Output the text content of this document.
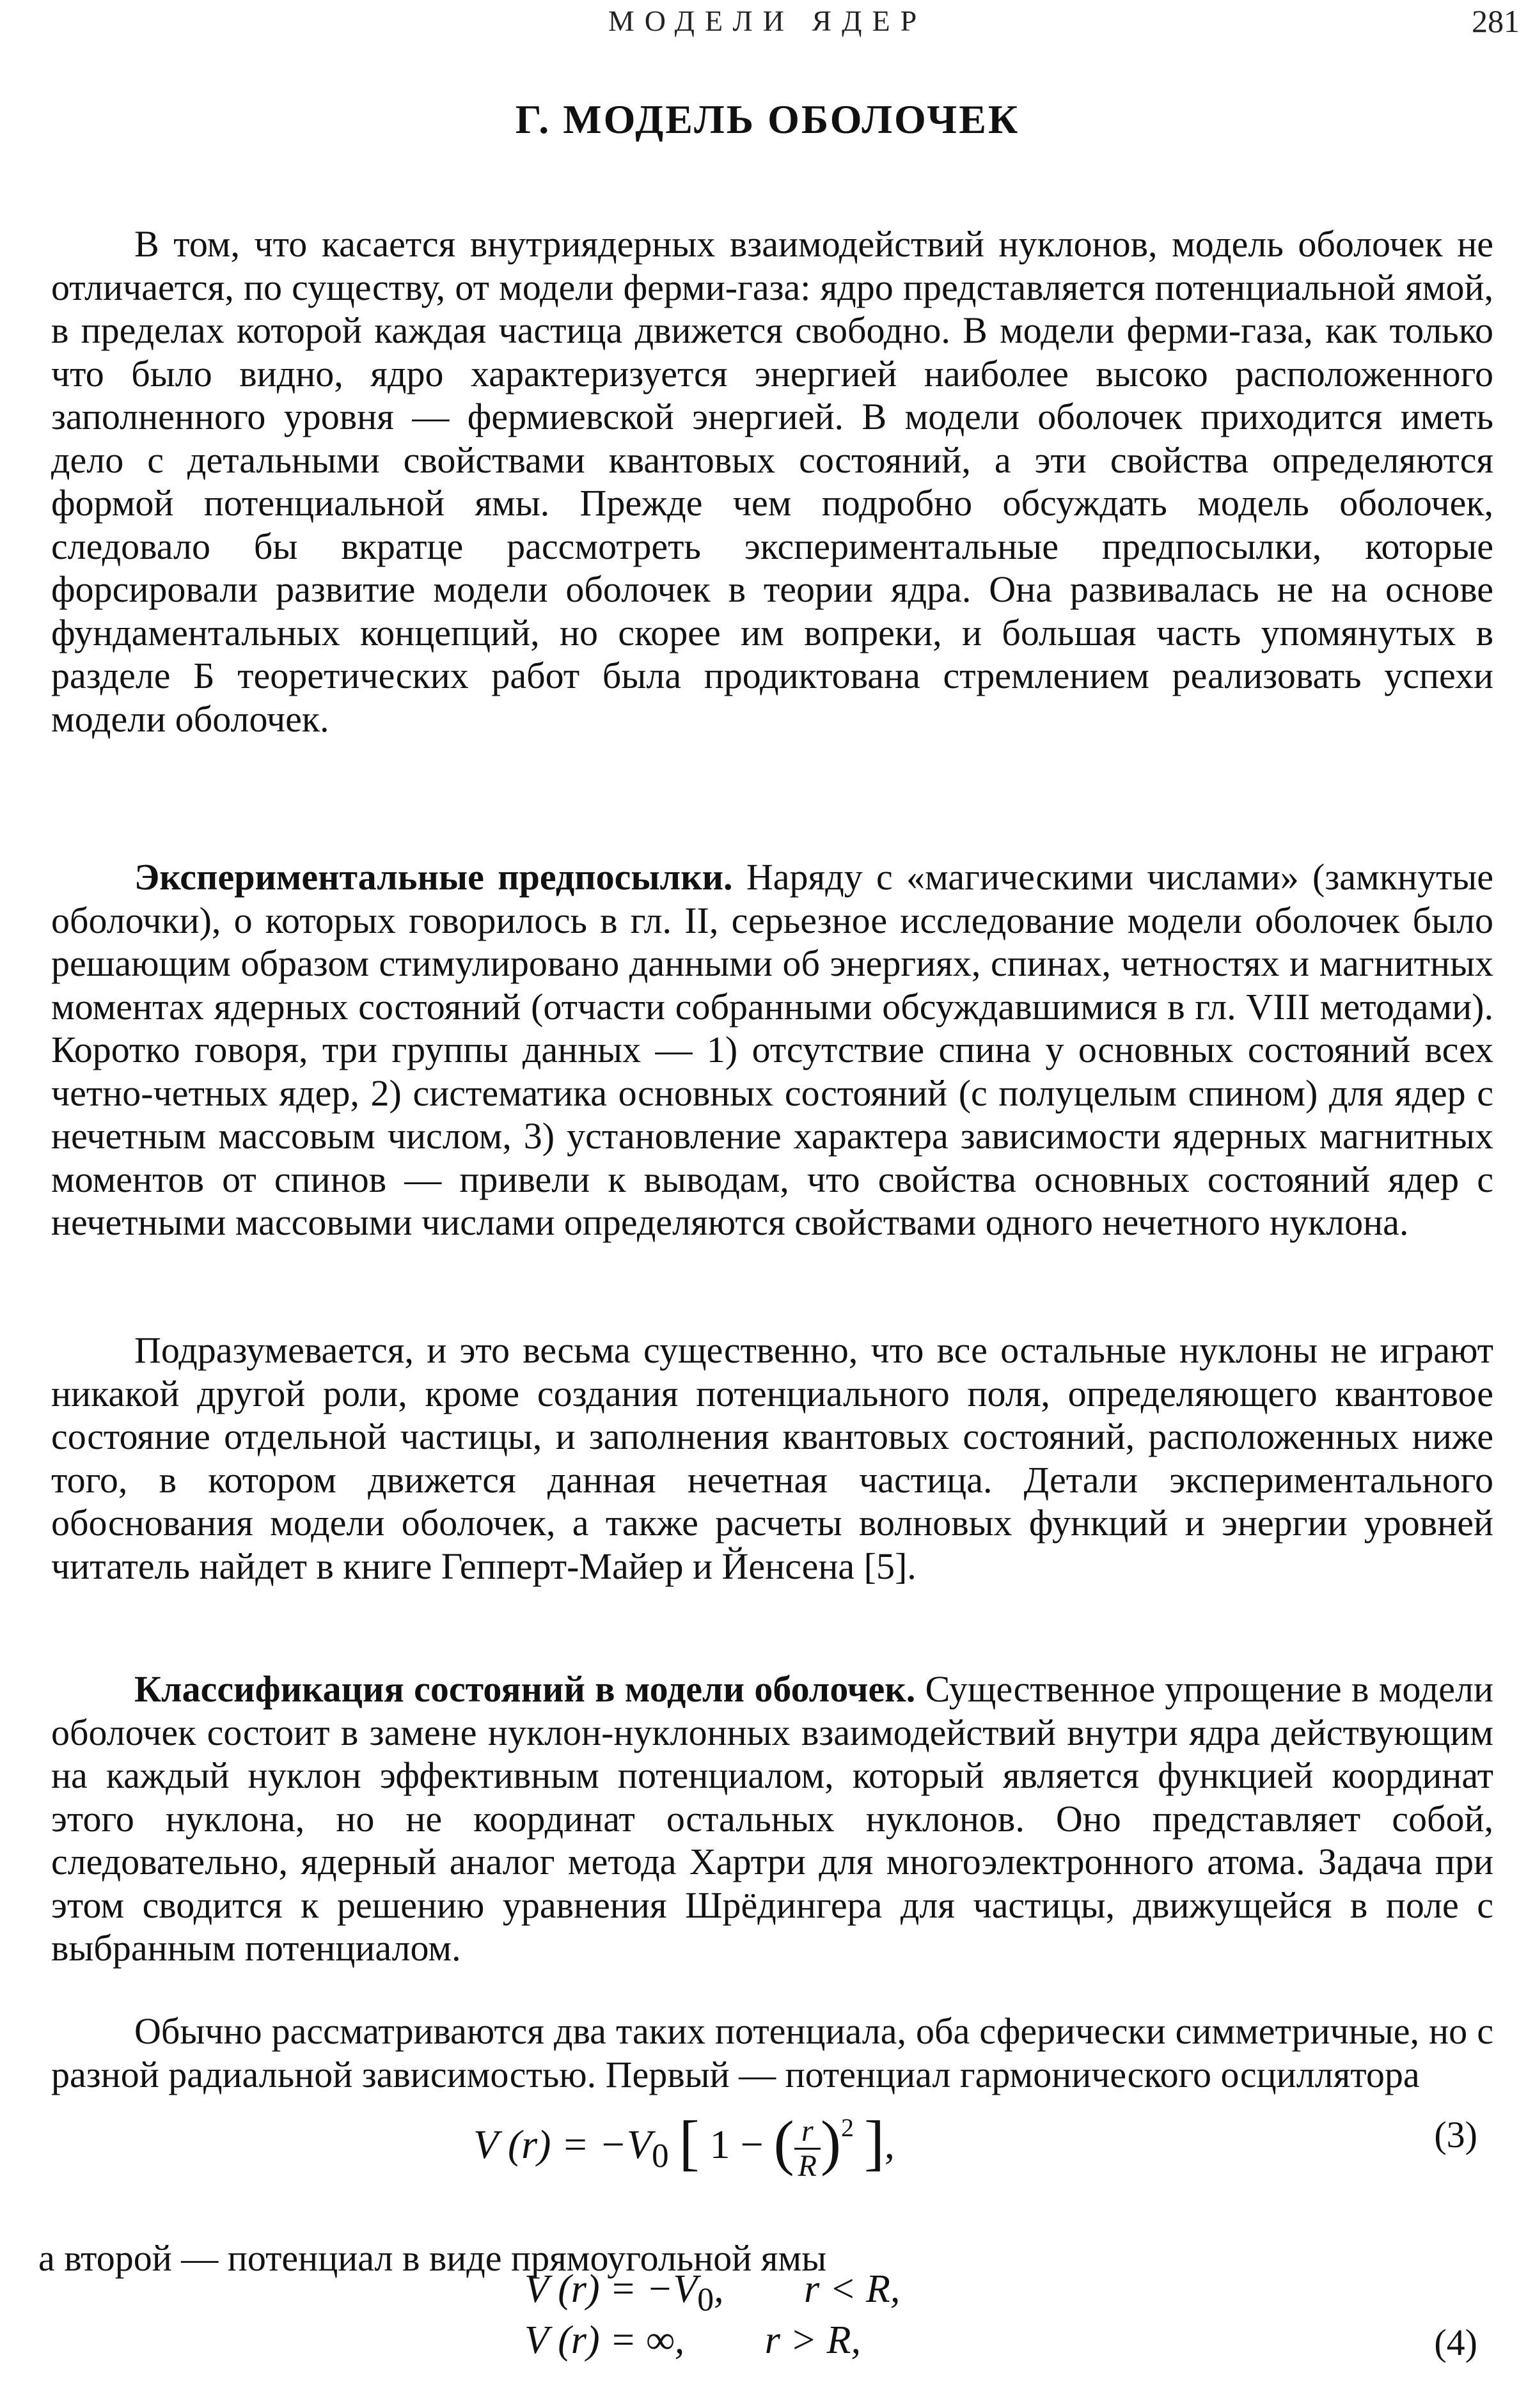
МОДЕЛИ ЯДЕР	281
Г. МОДЕЛЬ ОБОЛОЧЕК

В том, что касается внутриядерных взаимодействий нуклонов, модель оболочек не отличается, по существу, от модели ферми-газа: ядро представляется потенциальной ямой, в пределах которой каждая частица движется свободно. В модели ферми-газа, как только что было видно, ядро характеризуется энергией наиболее высоко расположенного заполненного уровня — фермиевской энергией. В модели оболочек приходится иметь дело с детальными свойствами квантовых состояний, а эти свойства определяются формой потенциальной ямы. Прежде чем подробно обсуждать модель оболочек, следовало бы вкратце рассмотреть экспериментальные предпосылки, которые форсировали развитие модели оболочек в теории ядра. Она развивалась не на основе фундаментальных концепций, но скорее им вопреки, и большая часть упомянутых в разделе Б теоретических работ была продиктована стремлением реализовать успехи модели оболочек.

Экспериментальные предпосылки. Наряду с «магическими числами» (замкнутые оболочки), о которых говорилось в гл. II, серьезное исследование модели оболочек было решающим образом стимулировано данными об энергиях, спинах, четностях и магнитных моментах ядерных состояний (отчасти собранными обсуждавшимися в гл. VIII методами). Коротко говоря, три группы данных — 1) отсутствие спина у основных состояний всех четно-четных ядер, 2) систематика основных состояний (с полуцелым спином) для ядер с нечетным массовым числом, 3) установление характера зависимости ядерных магнитных моментов от спинов — привели к выводам, что свойства основных состояний ядер с нечетными массовыми числами определяются свойствами одного нечетного нуклона.

Подразумевается, и это весьма существенно, что все остальные нуклоны не играют никакой другой роли, кроме создания потенциального поля, определяющего квантовое состояние отдельной частицы, и заполнения квантовых состояний, расположенных ниже того, в котором движется данная нечетная частица. Детали экспериментального обоснования модели оболочек, а также расчеты волновых функций и энергии уровней читатель найдет в книге Гепперт-Майер и Йенсена [5].

Классификация состояний в модели оболочек. Существенное упрощение в модели оболочек состоит в замене нуклон-нуклонных взаимодействий внутри ядра действующим на каждый нуклон эффективным потенциалом, который является функцией координат этого нуклона, но не координат остальных нуклонов. Оно представляет собой, следовательно, ядерный аналог метода Хартри для многоэлектронного атома. Задача при этом сводится к решению уравнения Шрёдингера для частицы, движущейся в поле с выбранным потенциалом.

Обычно рассматриваются два таких потенциала, оба сферически симметричные, но с разной радиальной зависимостью. Первый — потенциал гармонического осциллятора

V $(r) = -V_0$ [ 1 − ( $\frac{r}{R} )^2$ ],	(3)

а второй — потенциал в виде прямоугольной ямы

V $(r) = -V_0$, r < R,
V (r) = ∞, r > R,	(4)
